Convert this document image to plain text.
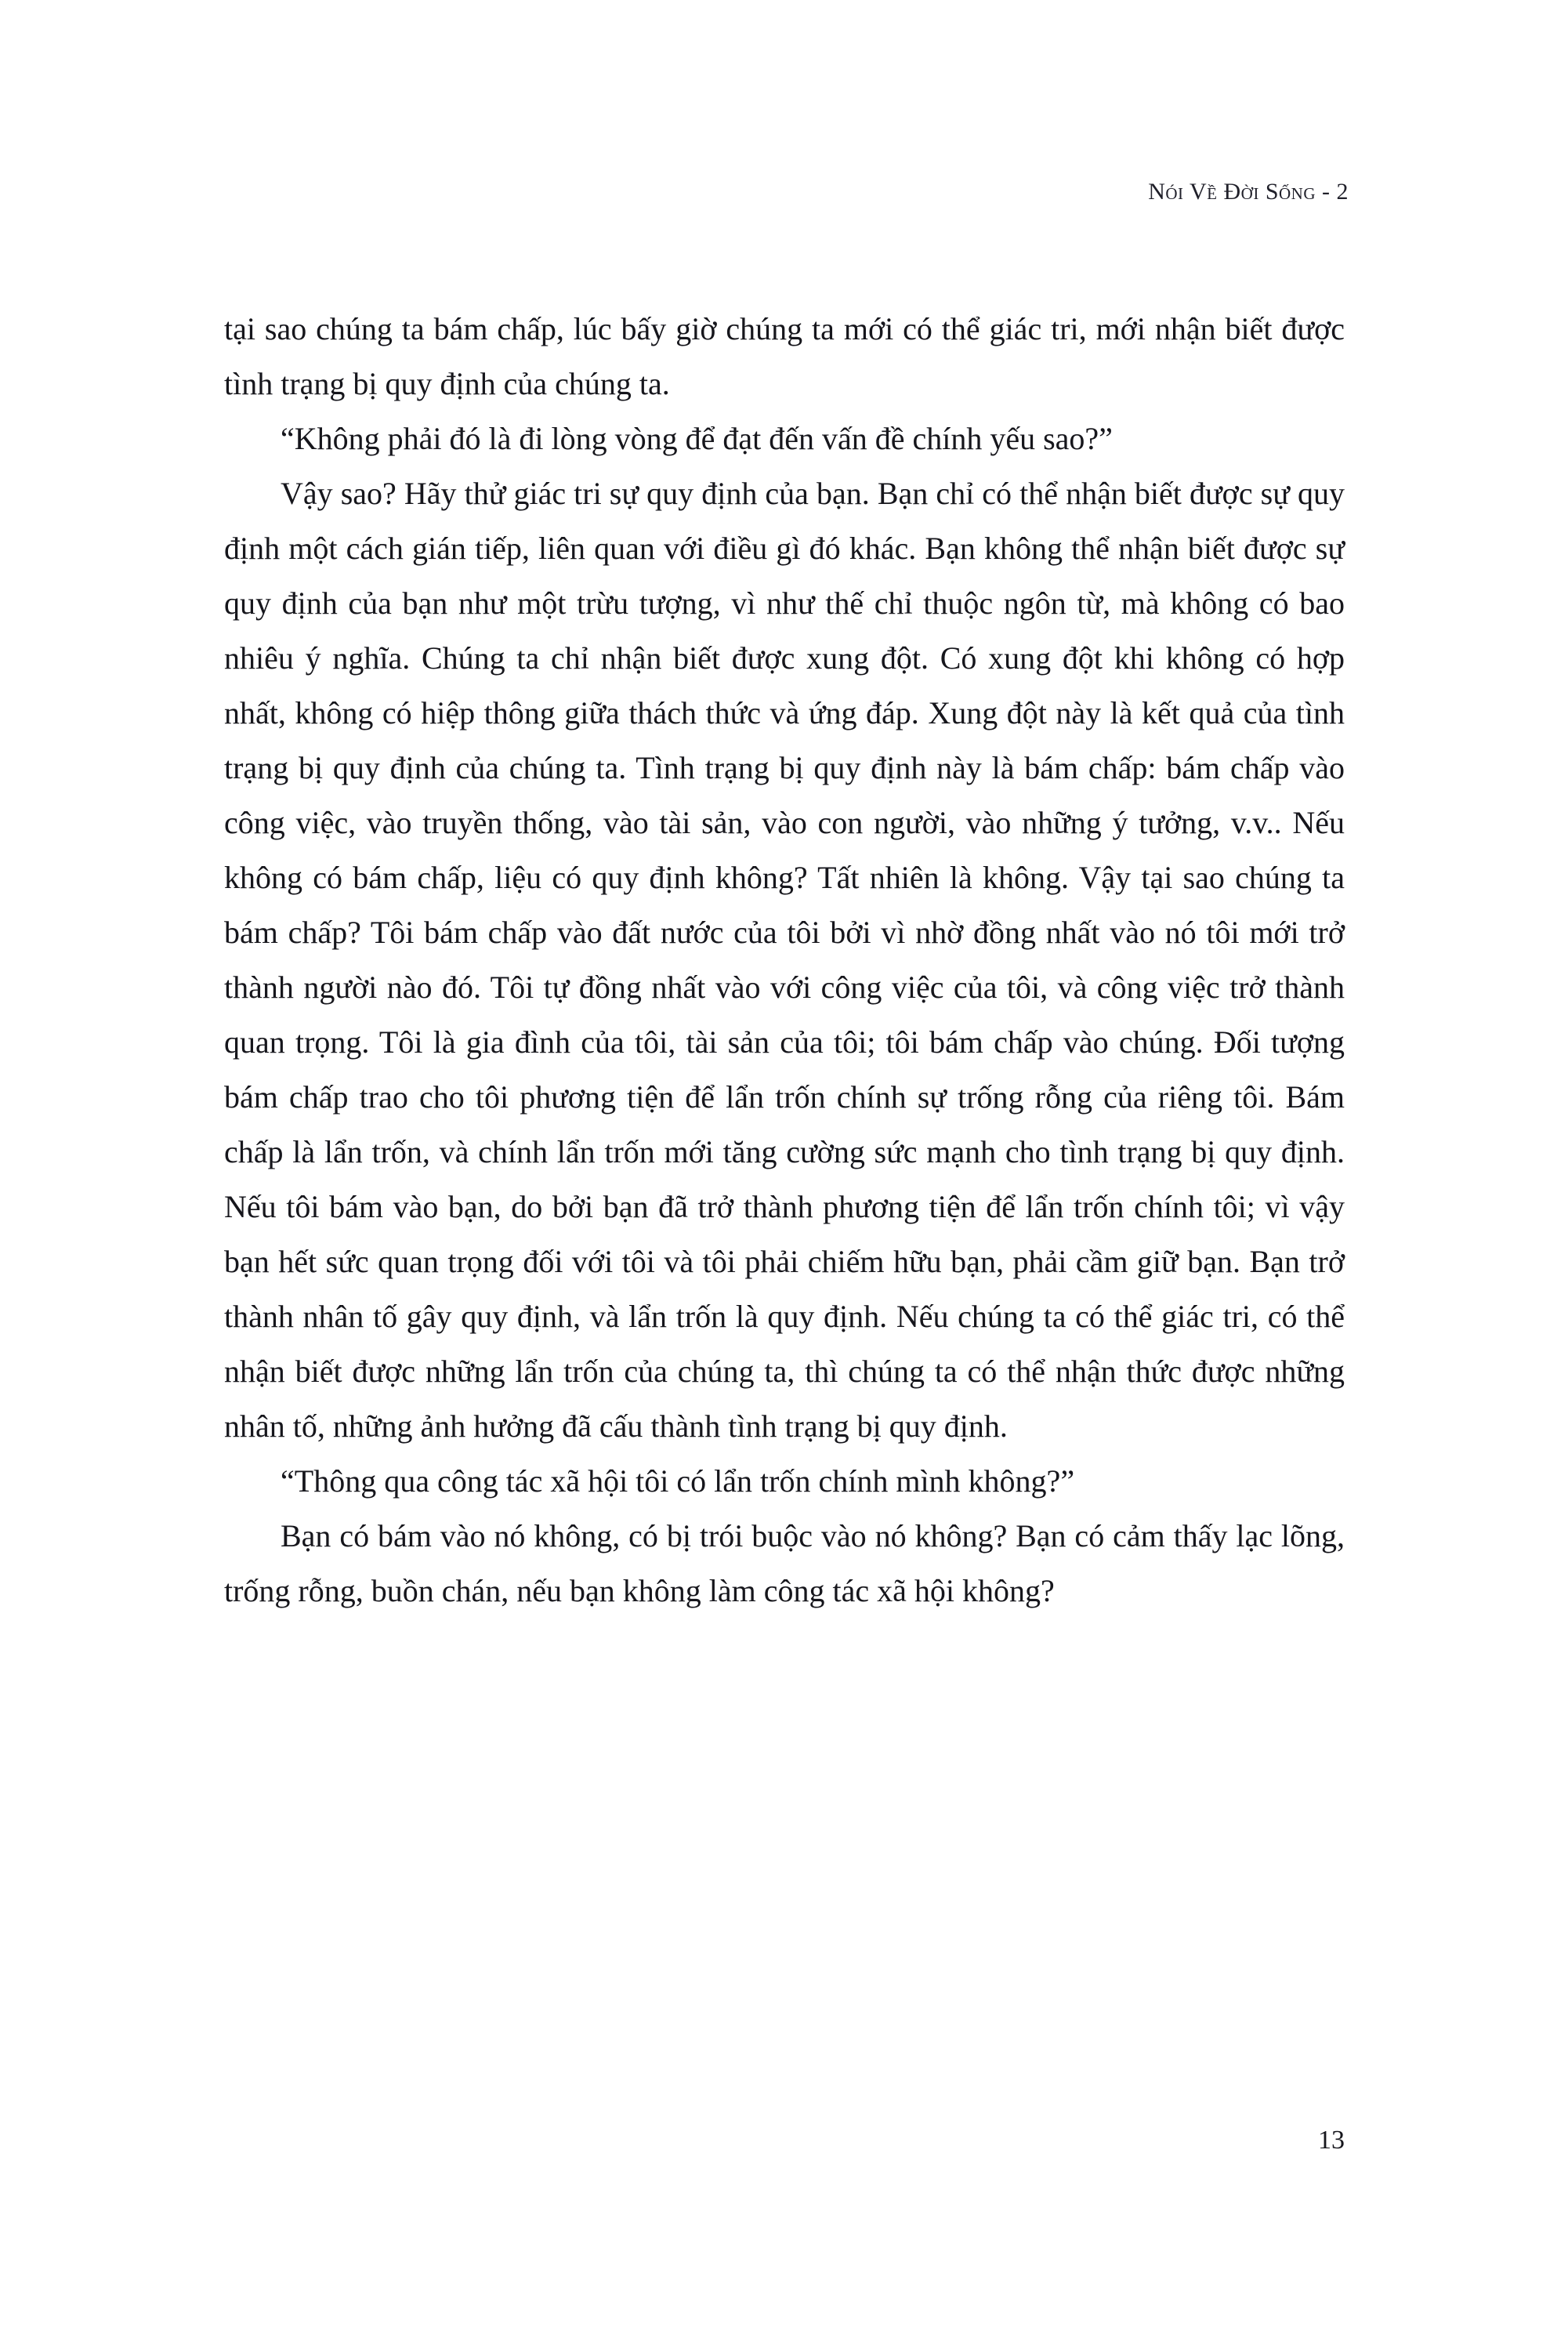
Nói Về Đời Sống - 2

tại sao chúng ta bám chấp, lúc bấy giờ chúng ta mới có thể giác tri, mới nhận biết được tình trạng bị quy định của chúng ta.

“Không phải đó là đi lòng vòng để đạt đến vấn đề chính yếu sao?”

Vậy sao? Hãy thử giác tri sự quy định của bạn. Bạn chỉ có thể nhận biết được sự quy định một cách gián tiếp, liên quan với điều gì đó khác. Bạn không thể nhận biết được sự quy định của bạn như một trừu tượng, vì như thế chỉ thuộc ngôn từ, mà không có bao nhiêu ý nghĩa. Chúng ta chỉ nhận biết được xung đột. Có xung đột khi không có hợp nhất, không có hiệp thông giữa thách thức và ứng đáp. Xung đột này là kết quả của tình trạng bị quy định của chúng ta. Tình trạng bị quy định này là bám chấp: bám chấp vào công việc, vào truyền thống, vào tài sản, vào con người, vào những ý tưởng, v.v.. Nếu không có bám chấp, liệu có quy định không? Tất nhiên là không. Vậy tại sao chúng ta bám chấp? Tôi bám chấp vào đất nước của tôi bởi vì nhờ đồng nhất vào nó tôi mới trở thành người nào đó. Tôi tự đồng nhất vào với công việc của tôi, và công việc trở thành quan trọng. Tôi là gia đình của tôi, tài sản của tôi; tôi bám chấp vào chúng. Đối tượng bám chấp trao cho tôi phương tiện để lẩn trốn chính sự trống rỗng của riêng tôi. Bám chấp là lẩn trốn, và chính lẩn trốn mới tăng cường sức mạnh cho tình trạng bị quy định. Nếu tôi bám vào bạn, do bởi bạn đã trở thành phương tiện để lẩn trốn chính tôi; vì vậy bạn hết sức quan trọng đối với tôi và tôi phải chiếm hữu bạn, phải cầm giữ bạn. Bạn trở thành nhân tố gây quy định, và lẩn trốn là quy định. Nếu chúng ta có thể giác tri, có thể nhận biết được những lẩn trốn của chúng ta, thì chúng ta có thể nhận thức được những nhân tố, những ảnh hưởng đã cấu thành tình trạng bị quy định.

“Thông qua công tác xã hội tôi có lẩn trốn chính mình không?”

Bạn có bám vào nó không, có bị trói buộc vào nó không? Bạn có cảm thấy lạc lõng, trống rỗng, buồn chán, nếu bạn không làm công tác xã hội không?

13
